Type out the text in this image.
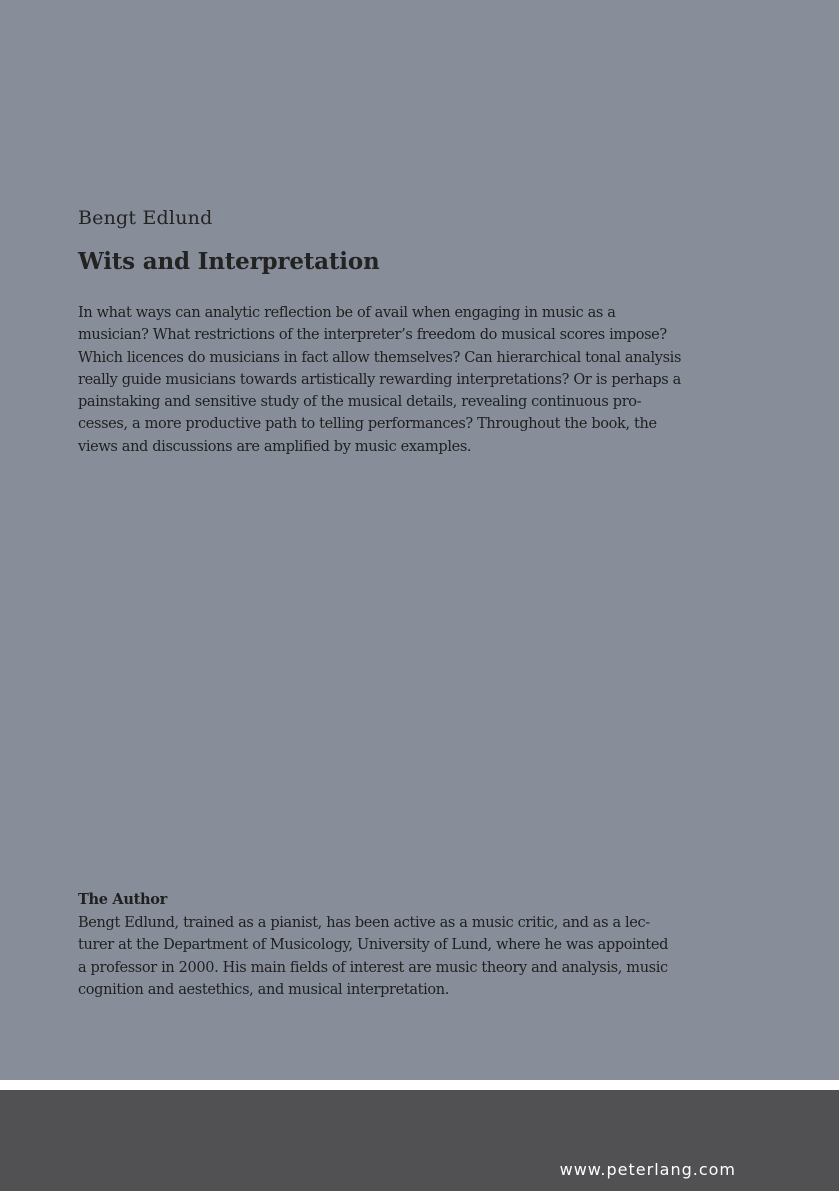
Bengt Edlund
Wits and Interpretation

In what ways can analytic reflection be of avail when engaging in music as a
musician? What restrictions of the interpreter’s freedom do musical scores impose?
Which licences do musicians in fact allow themselves? Can hierarchical tonal analysis
really guide musicians towards artistically rewarding interpretations? Or is perhaps a
painstaking and sensitive study of the musical details, revealing continuous pro-
cesses, a more productive path to telling performances? Throughout the book, the
views and discussions are amplified by music examples.

The Author

Bengt Edlund, trained as a pianist, has been active as a music critic, and as a lec-
turer at the Department of Musicology, University of Lund, where he was appointed
a professor in 2000. His main fields of interest are music theory and analysis, music
cognition and aestethics, and musical interpretation.

www.peterlang.com
